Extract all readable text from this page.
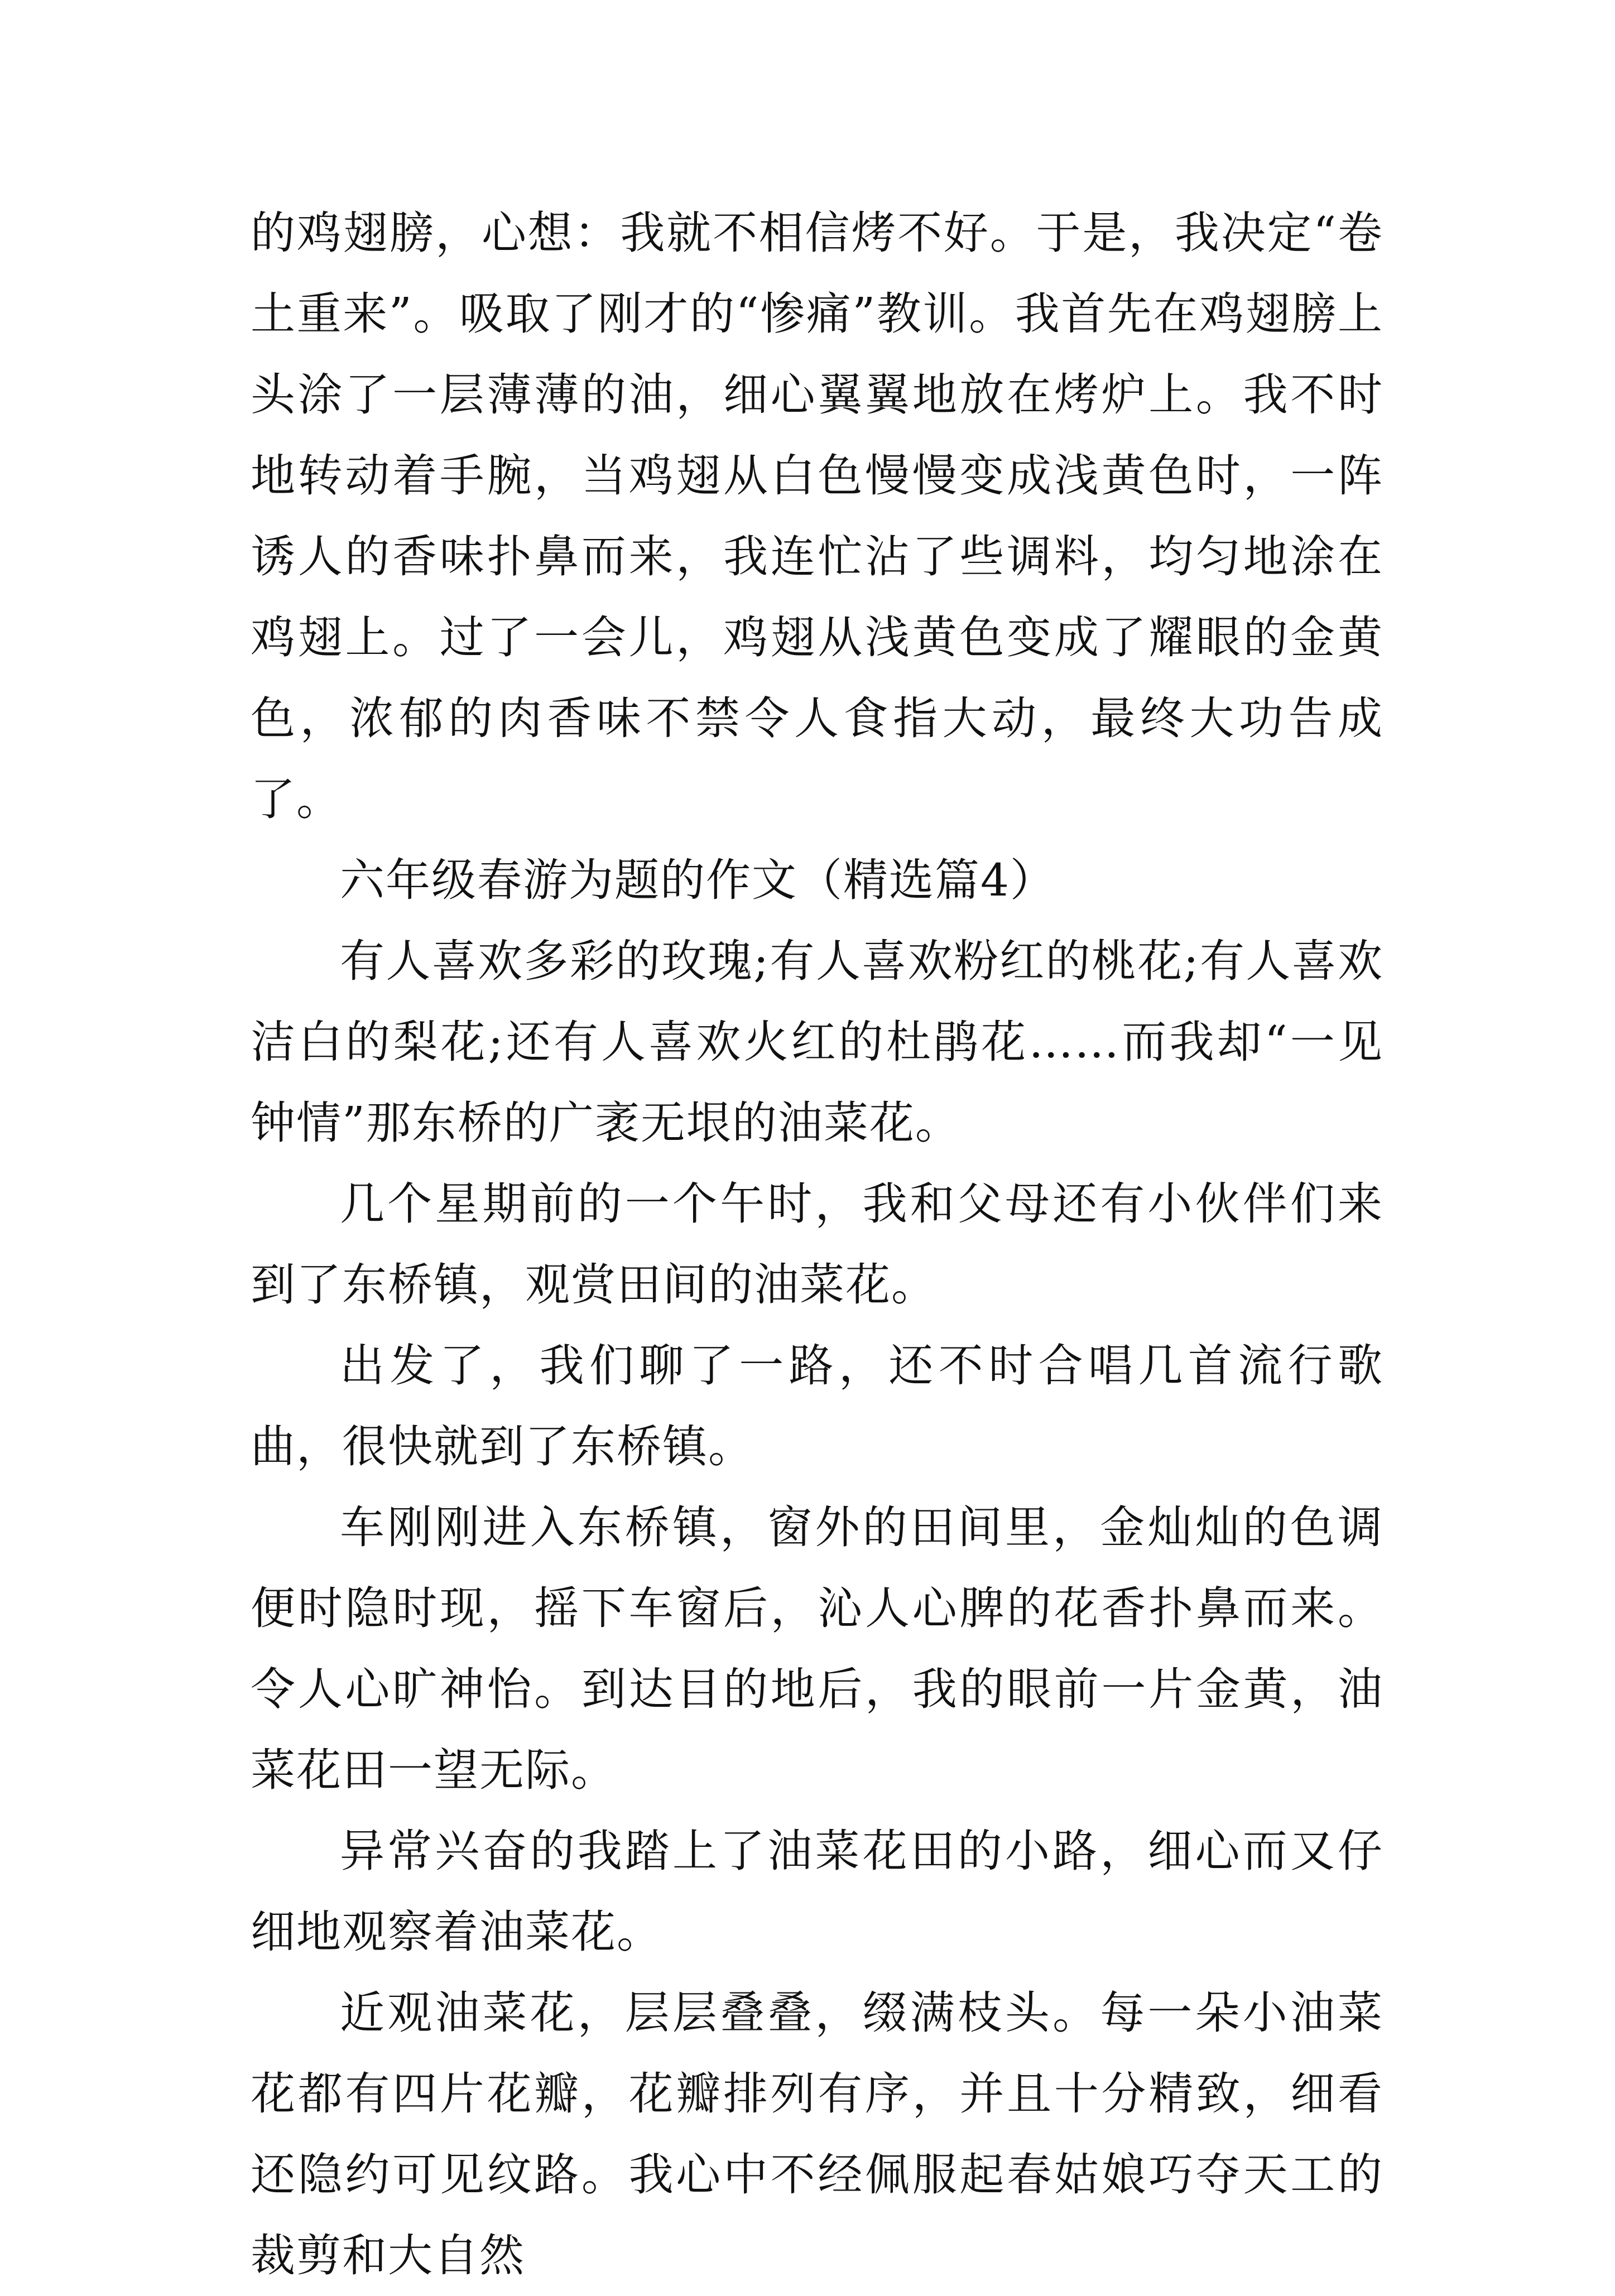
的鸡翅膀，心想：我就不相信烤不好。于是，我决定“卷土重来”。吸取了刚才的“惨痛”教训。我首先在鸡翅膀上头涂了一层薄薄的油，细心翼翼地放在烤炉上。我不时地转动着手腕，当鸡翅从白色慢慢变成浅黄色时，一阵诱人的香味扑鼻而来，我连忙沾了些调料，均匀地涂在鸡翅上。过了一会儿，鸡翅从浅黄色变成了耀眼的金黄色，浓郁的肉香味不禁令人食指大动，最终大功告成了。

六年级春游为题的作文（精选篇4）

有人喜欢多彩的玫瑰;有人喜欢粉红的桃花;有人喜欢洁白的梨花;还有人喜欢火红的杜鹃花……而我却“一见钟情”那东桥的广袤无垠的油菜花。

几个星期前的一个午时，我和父母还有小伙伴们来到了东桥镇，观赏田间的油菜花。

出发了，我们聊了一路，还不时合唱几首流行歌曲，很快就到了东桥镇。

车刚刚进入东桥镇，窗外的田间里，金灿灿的色调便时隐时现，摇下车窗后，沁人心脾的花香扑鼻而来。令人心旷神怡。到达目的地后，我的眼前一片金黄，油菜花田一望无际。

异常兴奋的我踏上了油菜花田的小路，细心而又仔细地观察着油菜花。

近观油菜花，层层叠叠，缀满枝头。每一朵小油菜花都有四片花瓣，花瓣排列有序，并且十分精致，细看还隐约可见纹路。我心中不经佩服起春姑娘巧夺天工的裁剪和大自然
